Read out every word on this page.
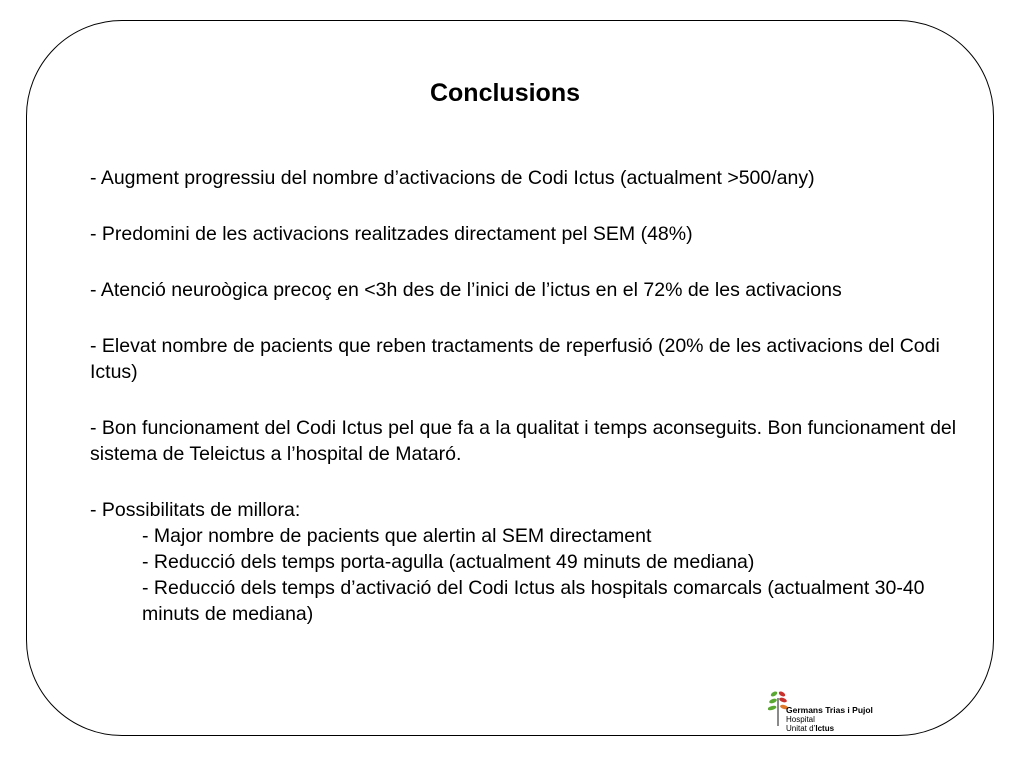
Conclusions

- Augment progressiu del nombre d’activacions de Codi Ictus (actualment >500/any)

- Predomini de les activacions realitzades directament pel SEM (48%)

- Atenció neuroògica precoç en <3h des de l’inici de l’ictus en el 72% de les activacions

- Elevat nombre de pacients que reben tractaments de reperfusió (20% de les activacions del Codi Ictus)

- Bon funcionament del Codi Ictus pel que fa a la qualitat i temps aconseguits. Bon funcionament del sistema de Teleictus a l’hospital de Mataró.

- Possibilitats de millora:
- Major nombre de pacients que alertin al SEM directament
- Reducció dels temps porta-agulla (actualment 49 minuts de mediana)
- Reducció dels temps d’activació del Codi Ictus als hospitals comarcals (actualment 30-40 minuts de mediana)
Germans Trias i Pujol
Hospital
Unitat d’Ictus
